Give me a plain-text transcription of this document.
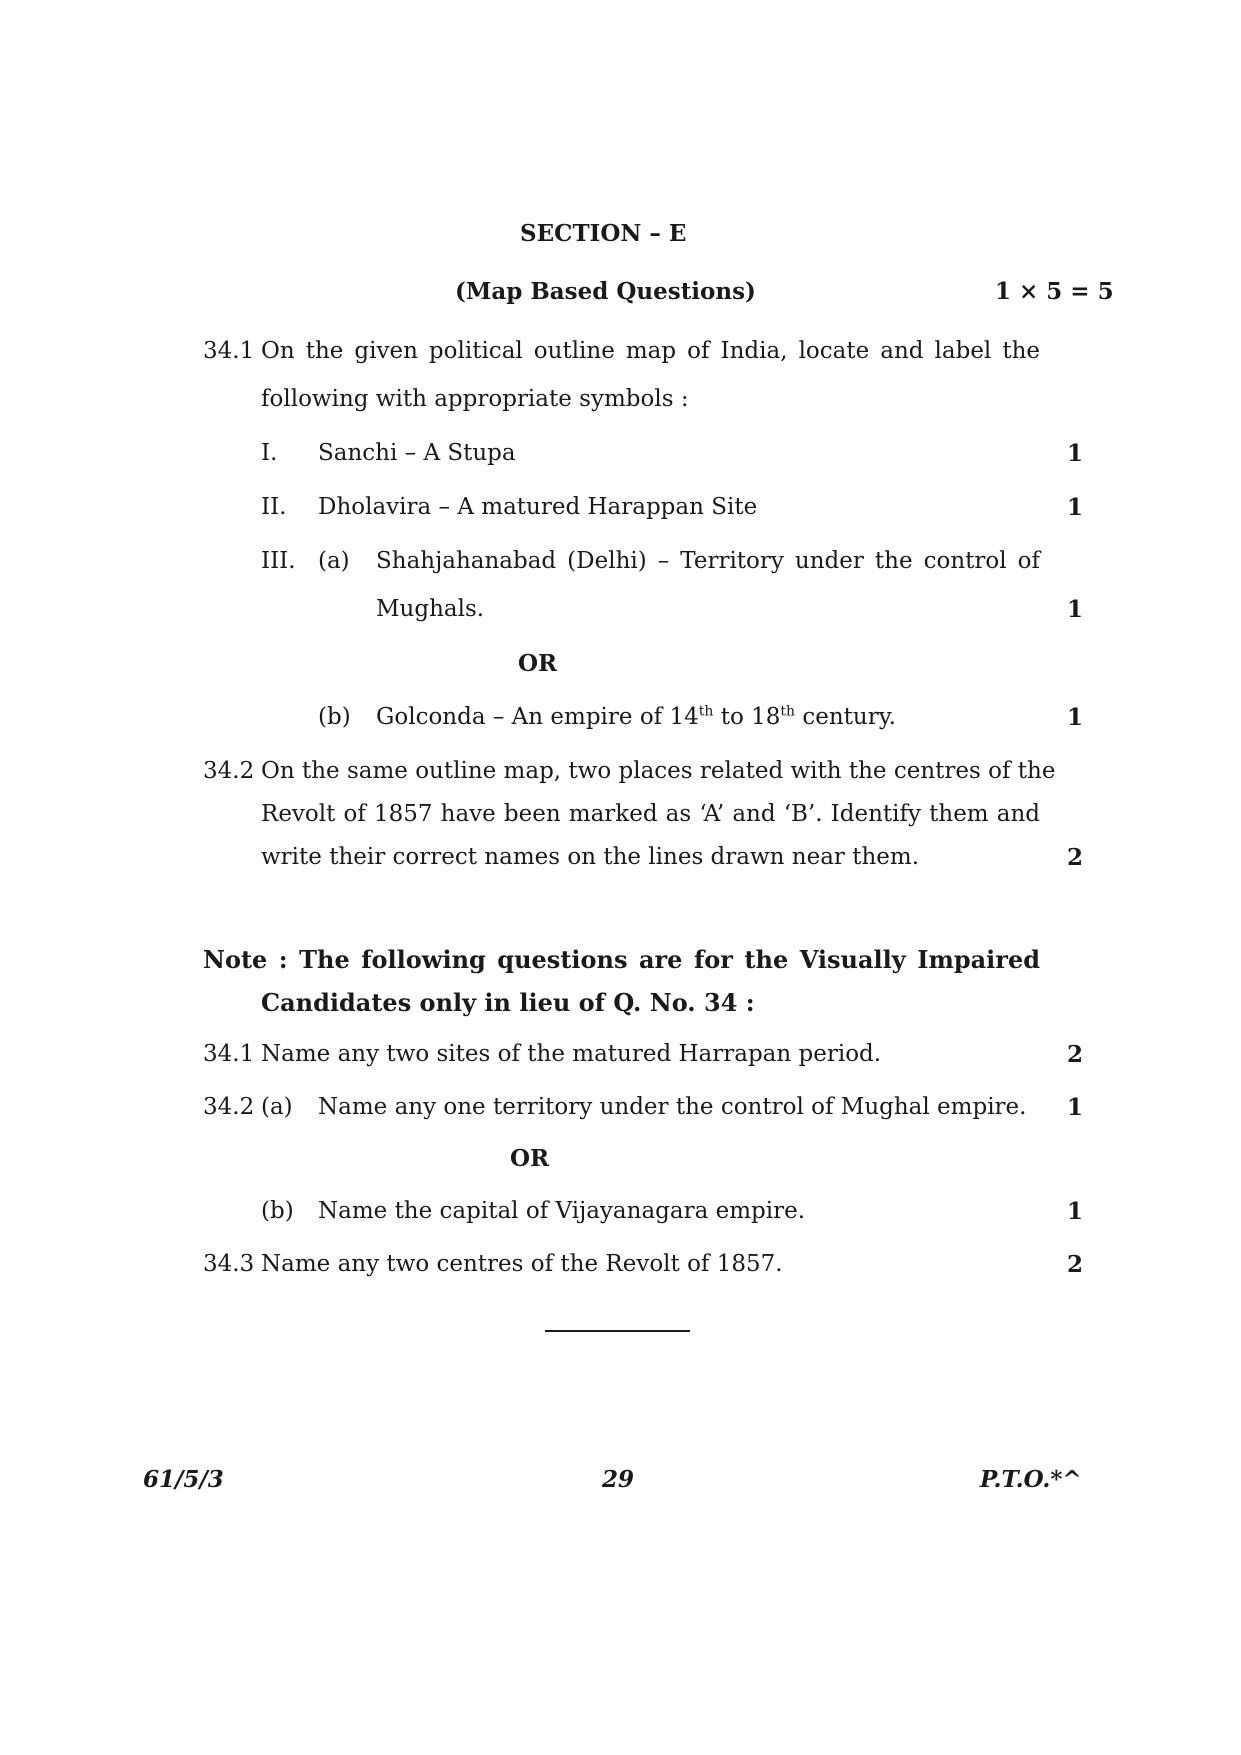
SECTION – E
(Map Based Questions)	1 × 5 = 5
34.1 On the given political outline map of India, locate and label the
following with appropriate symbols :
I. Sanchi – A Stupa	1
II. Dholavira – A matured Harappan Site	1
III. (a) Shahjahanabad (Delhi) – Territory under the control of
Mughals.	1
OR
(b) Golconda – An empire of 14th to 18th century.	1
34.2 On the same outline map, two places related with the centres of the
Revolt of 1857 have been marked as ‘A’ and ‘B’. Identify them and
write their correct names on the lines drawn near them.	2
Note : The following questions are for the Visually Impaired
Candidates only in lieu of Q. No. 34 :
34.1 Name any two sites of the matured Harrapan period.	2
34.2 (a) Name any one territory under the control of Mughal empire.	1
OR
(b) Name the capital of Vijayanagara empire.	1
34.3 Name any two centres of the Revolt of 1857.	2
61/5/3	29	P.T.O.*^
